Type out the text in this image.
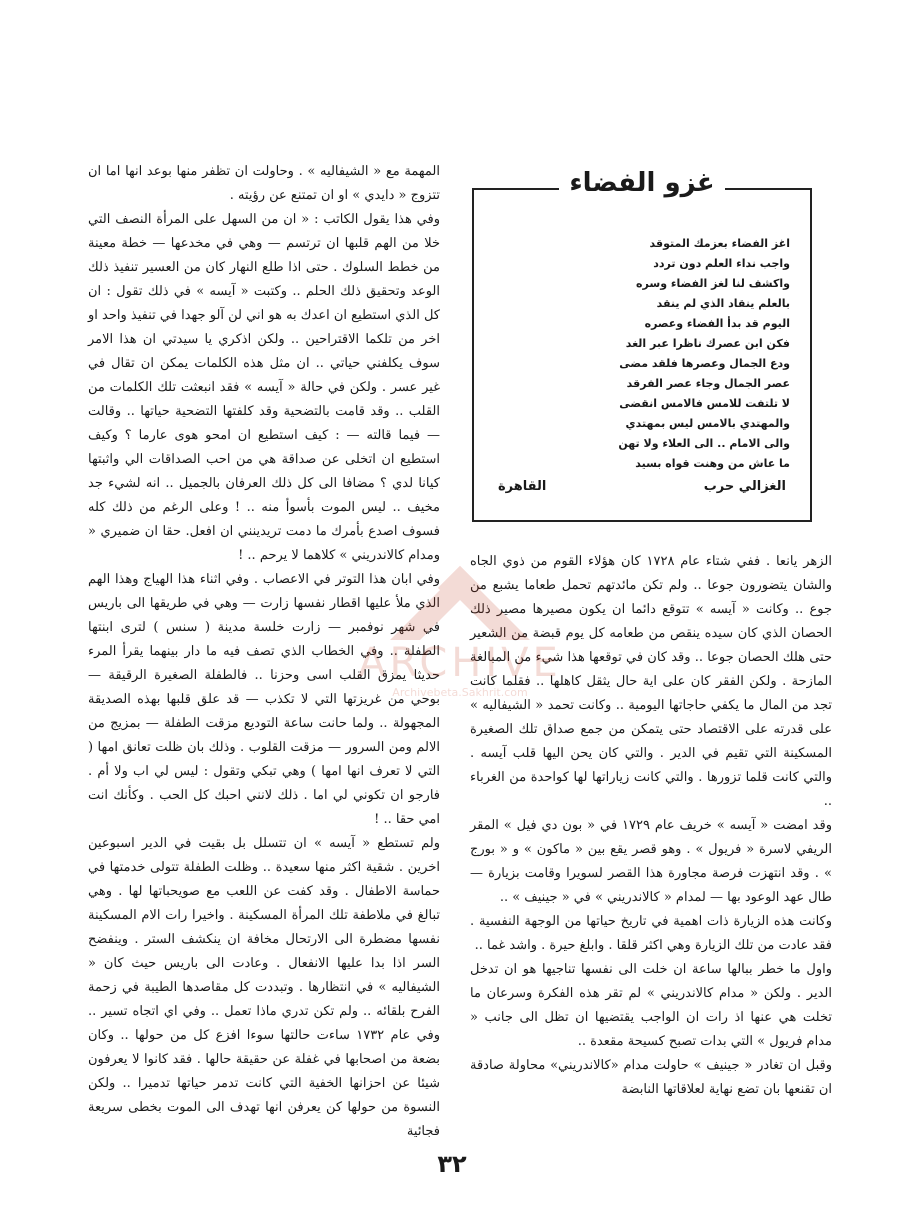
المهمة مع « الشيفاليه » . وحاولت ان تظفر منها بوعد انها اما ان تتزوج « دايدي » او ان تمتنع عن رؤيته .

وفي هذا يقول الكاتب : « ان من السهل على المرأة النصف التي خلا من الهم قلبها ان ترتسم — وهي في مخدعها — خطة معينة من خطط السلوك . حتى اذا طلع النهار كان من العسير تنفيذ ذلك الوعد وتحقيق ذلك الحلم .. وكتبت « آيسه » في ذلك تقول : ان كل الذي استطيع ان اعدك به هو اني لن آلو جهدا في تنفيذ واحد او اخر من تلكما الاقتراحين .. ولكن اذكري يا سيدتي ان هذا الامر سوف يكلفني حياتي .. ان مثل هذه الكلمات يمكن ان تقال في غير عسر . ولكن في حالة « آيسه » فقد انبعثت تلك الكلمات من القلب .. وقد قامت بالتضحية وقد كلفتها التضحية حياتها .. وقالت — فيما قالته — : كيف استطيع ان امحو هوى عارما ؟ وكيف استطيع ان اتخلى عن صداقة هي من احب الصداقات الي واثبتها كيانا لدي ؟ مضافا الى كل ذلك العرفان بالجميل .. انه لشيء جد مخيف .. ليس الموت بأسوأ منه .. ! وعلى الرغم من ذلك كله فسوف اصدع بأمرك ما دمت تريدينني ان افعل. حقا ان ضميري « ومدام كالاندريني » كلاهما لا يرحم .. !

وفي ابان هذا التوتر في الاعصاب . وفي اثناء هذا الهياج وهذا الهم الذي ملأ عليها اقطار نفسها زارت — وهي في طريقها الى باريس في شهر نوفمبر — زارت خلسة مدينة ( سنس ) لترى ابنتها الطفلة .. وفي الخطاب الذي تصف فيه ما دار بينهما يقرأ المرء حديثا يمزق القلب اسى وحزنا .. فالطفلة الصغيرة الرقيقة — بوحي من غريزتها التي لا تكذب — قد علق قلبها بهذه الصديقة المجهولة .. ولما حانت ساعة التوديع مزقت الطفلة — بمزيج من الالم ومن السرور — مزقت القلوب . وذلك بان ظلت تعانق امها ( التي لا تعرف انها امها ) وهي تبكي وتقول : ليس لي اب ولا أم . فارجو ان تكوني لي اما . ذلك لانني احبك كل الحب . وكأنك انت امي حقا .. !

ولم تستطع « آيسه » ان تتسلل بل بقيت في الدير اسبوعين اخرين . شقية اكثر منها سعيدة .. وظلت الطفلة تتولى خدمتها في حماسة الاطفال . وقد كفت عن اللعب مع صويحباتها لها . وهي تبالغ في ملاطفة تلك المرأة المسكينة . واخيرا رات الام المسكينة نفسها مضطرة الى الارتحال مخافة ان ينكشف الستر . وينفضح السر اذا بدا عليها الانفعال . وعادت الى باريس حيث كان « الشيفاليه » في انتظارها . وتبددت كل مقاصدها الطيبة في زحمة الفرح بلقائه .. ولم تكن تدري ماذا تعمل .. وفي اي اتجاه تسير .. وفي عام ١٧٣٢ ساءت حالتها سوءا افزع كل من حولها .. وكان بضعة من اصحابها في غفلة عن حقيقة حالها . فقد كانوا لا يعرفون شيئا عن احزانها الخفية التي كانت تدمر حياتها تدميرا .. ولكن النسوة من حولها كن يعرفن انها تهدف الى الموت بخطى سريعة فجائية

غزو الفضاء
اغز الفضاء بعزمك المتوقد
واجب نداء العلم دون تردد
واكشف لنا لغز الفضاء وسره
بالعلم ينقاد الذي لم ينقد
اليوم قد بدأ الفضاء وعصره
فكن ابن عصرك ناظرا عبر الغد
ودع الجمال وعصرها فلقد مضى
عصر الجمال وجاء عصر الفرقد
لا تلتفت للامس فالامس انقضى
والمهتدي بالامس ليس بمهتدي
والى الامام .. الى العلاء ولا تهن
ما عاش من وهنت قواه بسيد
الغزالي حرب
القاهرة

الزهر يانعا . ففي شتاء عام ١٧٢٨ كان هؤلاء القوم من ذوي الجاه والشان يتضورون جوعا .. ولم تكن مائدتهم تحمل طعاما يشبع من جوع .. وكانت « آيسه » تتوقع دائما ان يكون مصيرها مصير ذلك الحصان الذي كان سيده ينقص من طعامه كل يوم قبضة من الشعير حتى هلك الحصان جوعا .. وقد كان في توقعها هذا شيء من المبالغة المازحة . ولكن الفقر كان على اية حال يثقل كاهلها .. فقلما كانت تجد من المال ما يكفي حاجاتها اليومية .. وكانت تحمد « الشيفاليه » على قدرته على الاقتصاد حتى يتمكن من جمع صداق تلك الصغيرة المسكينة التي تقيم في الدير . والتي كان يحن اليها قلب آيسه . والتي كانت قلما تزورها . والتي كانت زياراتها لها كواحدة من الغرباء ..

وقد امضت « آيسه » خريف عام ١٧٢٩ في « بون دي فيل » المقر الريفي لاسرة « فريول » . وهو قصر يقع بين « ماكون » و « بورج » . وقد انتهزت فرصة مجاورة هذا القصر لسويرا وقامت بزيارة — طال عهد الوعود بها — لمدام « كالاندريني » في « جينيف » ..

وكانت هذه الزيارة ذات اهمية في تاريخ حياتها من الوجهة النفسية . فقد عادت من تلك الزيارة وهي اكثر قلقا . وابلغ حيرة . واشد غما ..

واول ما خطر ببالها ساعة ان خلت الى نفسها تناجيها هو ان تدخل الدير . ولكن « مدام كالاندريني » لم تقر هذه الفكرة وسرعان ما تخلت هي عنها اذ رات ان الواجب يقتضيها ان تظل الى جانب « مدام فريول » التي بدات تصبح كسيحة مقعدة ..

وقبل ان تغادر « جينيف » حاولت مدام «كالاندريني» محاولة صادقة ان تقنعها بان تضع نهاية لعلاقاتها النابضة

ARCHIVE
Archivebeta.Sakhrit.com
٣٢
